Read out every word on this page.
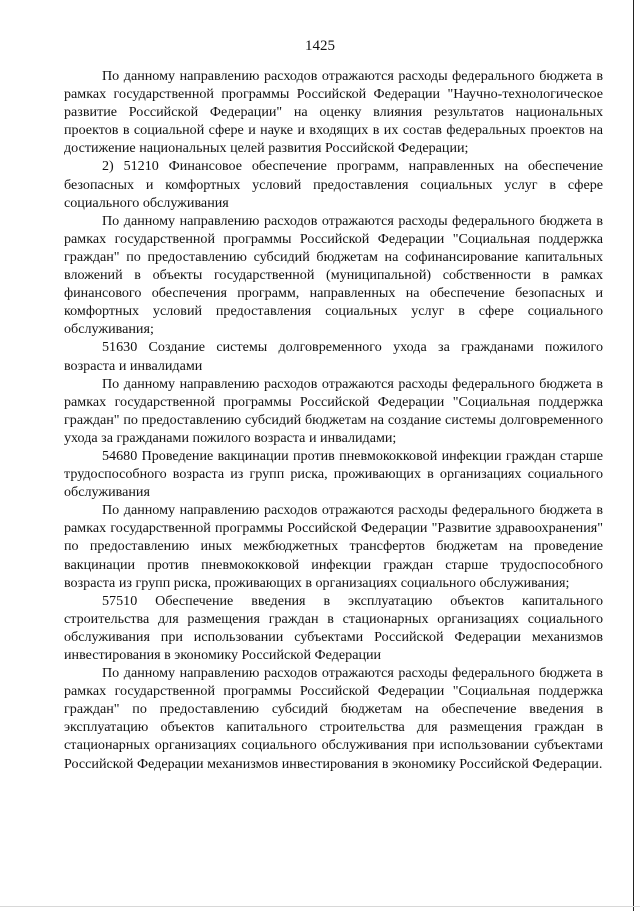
1425

По данному направлению расходов отражаются расходы федерального бюджета в рамках государственной программы Российской Федерации "Научно-технологическое развитие Российской Федерации" на оценку влияния результатов национальных проектов в социальной сфере и науке и входящих в их состав федеральных проектов на достижение национальных целей развития Российской Федерации;

2) 51210 Финансовое обеспечение программ, направленных на обеспечение безопасных и комфортных условий предоставления социальных услуг в сфере социального обслуживания

По данному направлению расходов отражаются расходы федерального бюджета в рамках государственной программы Российской Федерации "Социальная поддержка граждан" по предоставлению субсидий бюджетам на софинансирование капитальных вложений в объекты государственной (муниципальной) собственности в рамках финансового обеспечения программ, направленных на обеспечение безопасных и комфортных условий предоставления социальных услуг в сфере социального обслуживания;

51630 Создание системы долговременного ухода за гражданами пожилого возраста и инвалидами

По данному направлению расходов отражаются расходы федерального бюджета в рамках государственной программы Российской Федерации "Социальная поддержка граждан" по предоставлению субсидий бюджетам на создание системы долговременного ухода за гражданами пожилого возраста и инвалидами;

54680 Проведение вакцинации против пневмококковой инфекции граждан старше трудоспособного возраста из групп риска, проживающих в организациях социального обслуживания

По данному направлению расходов отражаются расходы федерального бюджета в рамках государственной программы Российской Федерации "Развитие здравоохранения" по предоставлению иных межбюджетных трансфертов бюджетам на проведение вакцинации против пневмококковой инфекции граждан старше трудоспособного возраста из групп риска, проживающих в организациях социального обслуживания;

57510 Обеспечение введения в эксплуатацию объектов капитального строительства для размещения граждан в стационарных организациях социального обслуживания при использовании субъектами Российской Федерации механизмов инвестирования в экономику Российской Федерации

По данному направлению расходов отражаются расходы федерального бюджета в рамках государственной программы Российской Федерации "Социальная поддержка граждан" по предоставлению субсидий бюджетам на обеспечение введения в эксплуатацию объектов капитального строительства для размещения граждан в стационарных организациях социального обслуживания при использовании субъектами Российской Федерации механизмов инвестирования в экономику Российской Федерации.
